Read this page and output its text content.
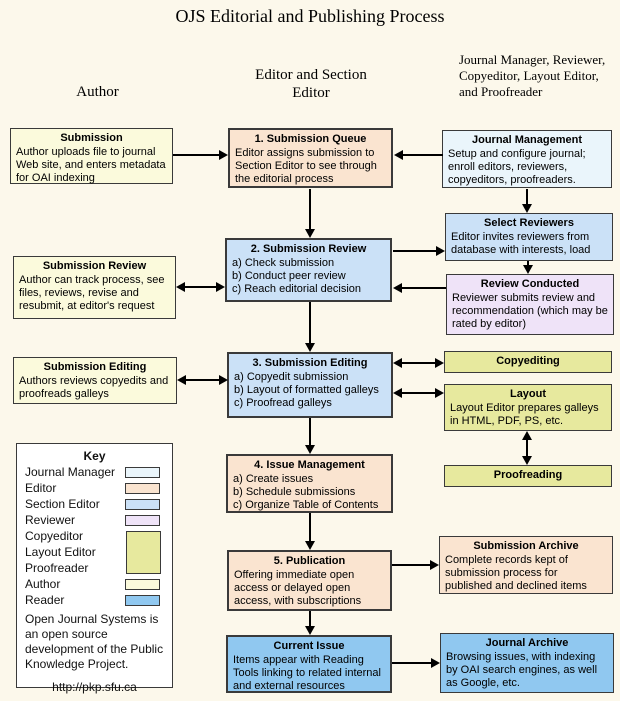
OJS Editorial and Publishing Process
Author
Editor and Section Editor
Journal Manager, Reviewer, Copyeditor, Layout Editor, and Proofreader
Submission
Author uploads file to journal Web site, and enters metadata for OAI indexing
1. Submission Queue
Editor assigns submission to Section Editor to see through the editorial process
Journal Management
Setup and configure journal; enroll editors, reviewers, copyeditors, proofreaders.
Select Reviewers
Editor invites reviewers from database with interests, load
Submission Review
Author can track process, see files, reviews, revise and resubmit, at editor's request
2. Submission Review
a) Check submission
b) Conduct peer review
c) Reach editorial decision	Review Conducted
Reviewer submits review and recommendation (which may be rated by editor)
Submission Editing
Authors reviews copyedits and proofreads galleys
3. Submission Editing
a) Copyedit submission
b) Layout of formatted galleys
c) Proofread galleys
Copyediting
Layout
Layout Editor prepares galleys in HTML, PDF, PS, etc.
Proofreading
4. Issue Management
a) Create issues
b) Schedule submissions
c) Organize Table of Contents
5. Publication
Offering immediate open access or delayed open access, with subscriptions
Submission Archive
Complete records kept of submission process for published and declined items
Current Issue
Items appear with Reading Tools linking to related internal and external resources
Journal Archive
Browsing issues, with indexing by OAI search engines, as well as Google, etc.
Key
Journal Manager
Editor
Section Editor
Reviewer
Copyeditor
Layout Editor
Proofreader
Author
Reader
Open Journal Systems is an open source development of the Public Knowledge Project.
http://pkp.sfu.ca
